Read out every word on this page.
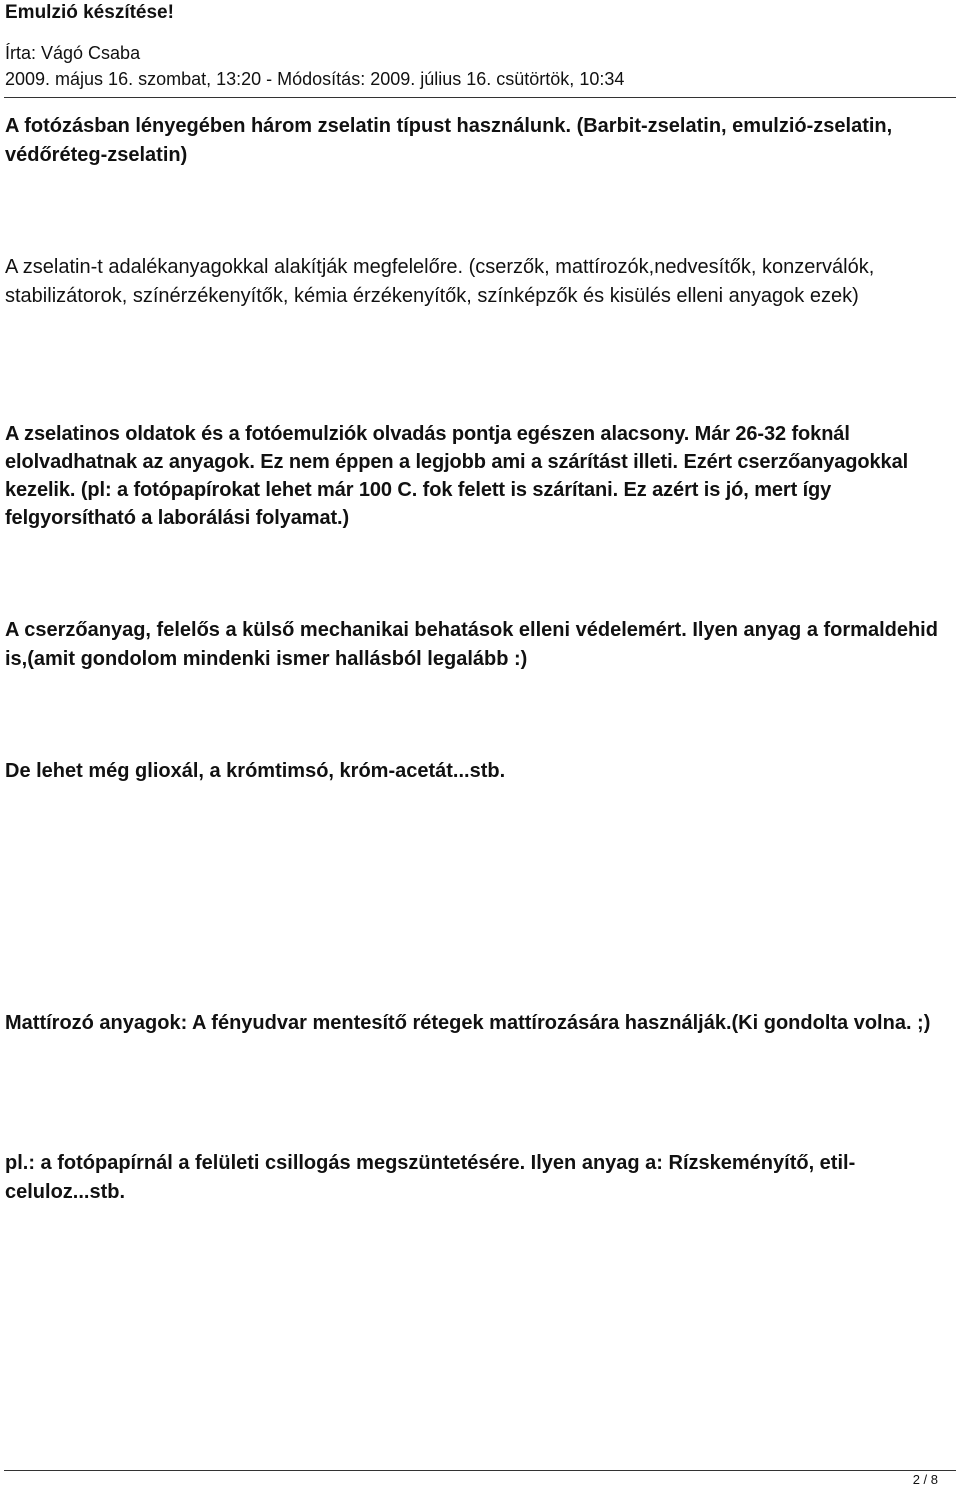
Emulzió készítése!
Írta: Vágó Csaba
2009. május 16. szombat, 13:20 - Módosítás: 2009. július 16. csütörtök, 10:34

A fotózásban lényegében három zselatin típust használunk. (Barbit-zselatin, emulzió-zselatin, védőréteg-zselatin)

A zselatin-t adalékanyagokkal alakítják megfelelőre. (cserzők, mattírozók,nedvesítők, konzerválók, stabilizátorok, színérzékenyítők, kémia érzékenyítők, színképzők és kisülés elleni anyagok ezek)

A zselatinos oldatok és a fotóemulziók olvadás pontja egészen alacsony. Már 26-32 foknál elolvadhatnak az anyagok. Ez nem éppen a legjobb ami a szárítást illeti. Ezért cserzőanyagokkal kezelik. (pl: a fotópapírokat lehet már 100 C. fok felett is szárítani. Ez azért is jó, mert így felgyorsítható a laborálási folyamat.)

A cserzőanyag, felelős a külső mechanikai behatások elleni védelemért. Ilyen anyag a formaldehid is,(amit gondolom mindenki ismer hallásból legalább :)

De lehet még glioxál, a krómtimsó, króm-acetát...stb.

Mattírozó anyagok: A fényudvar mentesítő rétegek mattírozására használják.(Ki gondolta volna. ;)

pl.: a fotópapírnál a felületi csillogás megszüntetésére. Ilyen anyag a: Rízskeményítő, etil-celuloz...stb.

2 / 8
